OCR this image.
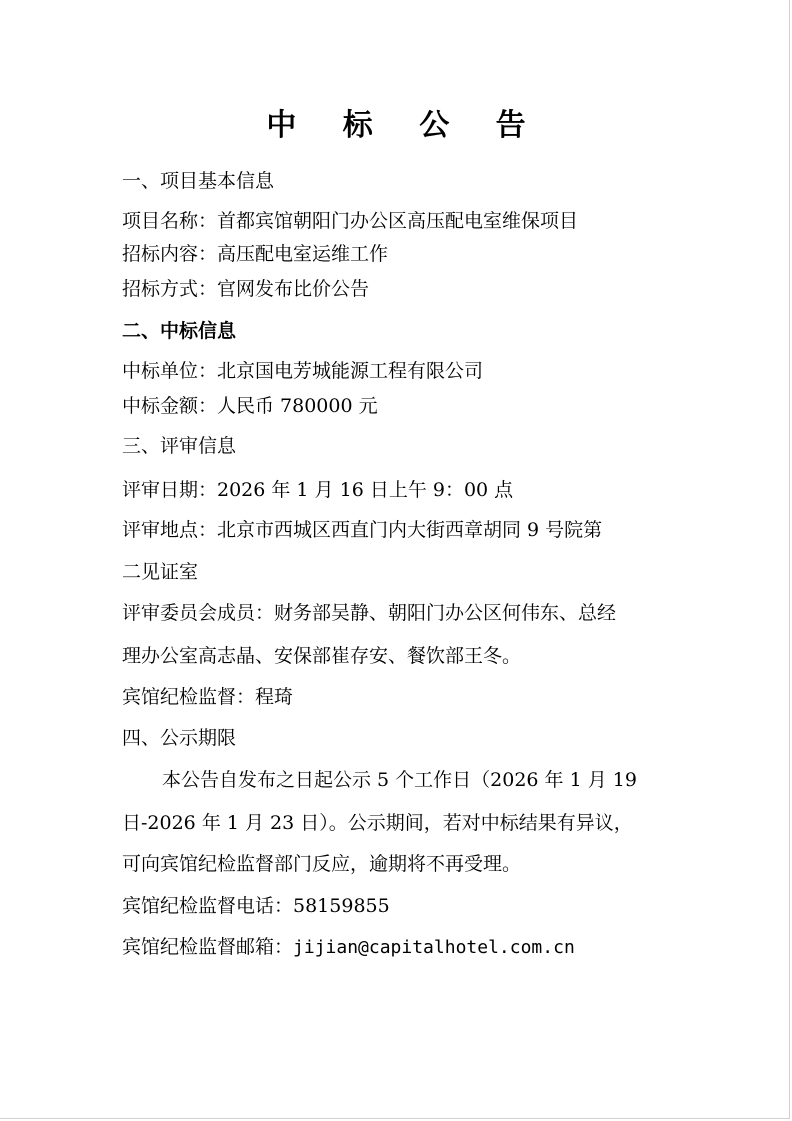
中 标 公 告
一、项目基本信息
项目名称：首都宾馆朝阳门办公区高压配电室维保项目
招标内容：高压配电室运维工作
招标方式：官网发布比价公告
二、中标信息
中标单位：北京国电芳城能源工程有限公司
中标金额：人民币 780000 元
三、评审信息
评审日期：2026 年 1 月 16 日上午 9：00 点
评审地点：北京市西城区西直门内大街西章胡同 9 号院第
二见证室
评审委员会成员：财务部吴静、朝阳门办公区何伟东、总经
理办公室高志晶、安保部崔存安、餐饮部王冬。
宾馆纪检监督：程琦
四、公示期限
本公告自发布之日起公示 5 个工作日（2026 年 1 月 19
日-2026 年 1 月 23 日）。公示期间，若对中标结果有异议，
可向宾馆纪检监督部门反应，逾期将不再受理。
宾馆纪检监督电话：58159855
宾馆纪检监督邮箱：jijian@capitalhotel.com.cn
